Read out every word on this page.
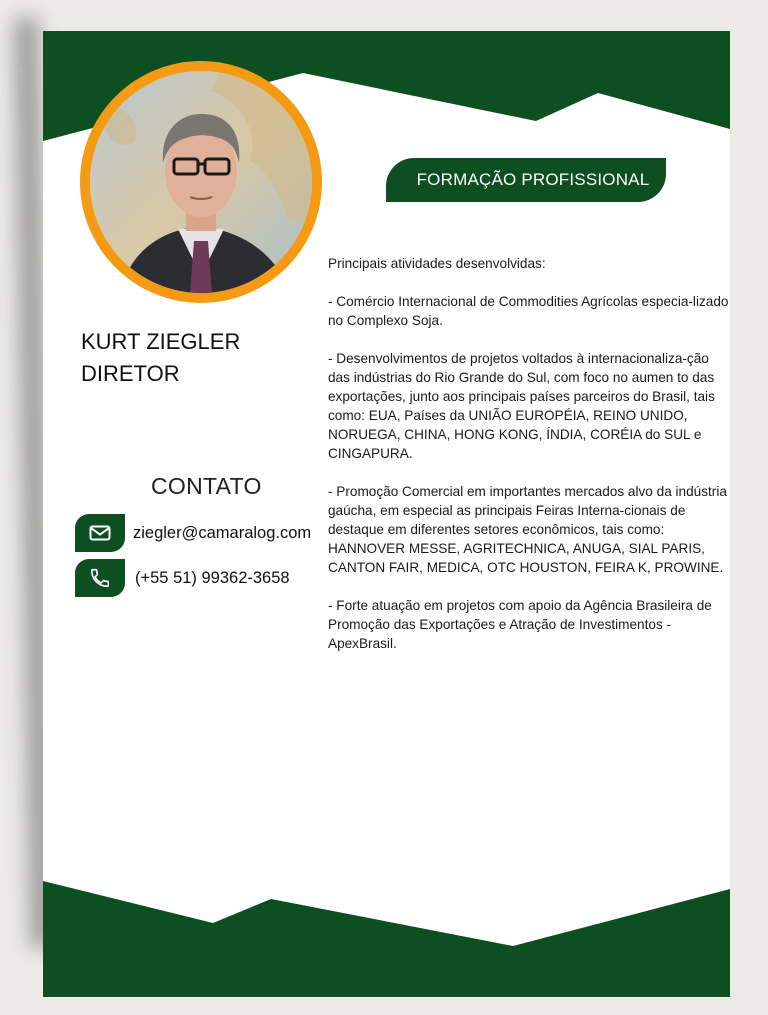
FORMAÇÃO PROFISSIONAL
KURT ZIEGLER
DIRETOR
CONTATO
ziegler@camaralog.com
(+55 51) 99362-3658

Principais atividades desenvolvidas:

- Comércio Internacional de Commodities Agrícolas especia-lizado no Complexo Soja.

- Desenvolvimentos de projetos voltados à internacionaliza-ção das indústrias do Rio Grande do Sul, com foco no aumen to das exportações, junto aos principais países parceiros do Brasil, tais como: EUA, Países da UNIÃO EUROPÉIA, REINO UNIDO, NORUEGA, CHINA, HONG KONG, ÍNDIA, CORÉIA do SUL e CINGAPURA.

- Promoção Comercial em importantes mercados alvo da indústria gaúcha, em especial as principais Feiras Interna-cionais de destaque em diferentes setores econômicos, tais como: HANNOVER MESSE, AGRITECHNICA, ANUGA, SIAL PARIS, CANTON FAIR, MEDICA, OTC HOUSTON, FEIRA K, PROWINE.

- Forte atuação em projetos com apoio da Agência Brasileira de Promoção das Exportações e Atração de Investimentos - ApexBrasil.
